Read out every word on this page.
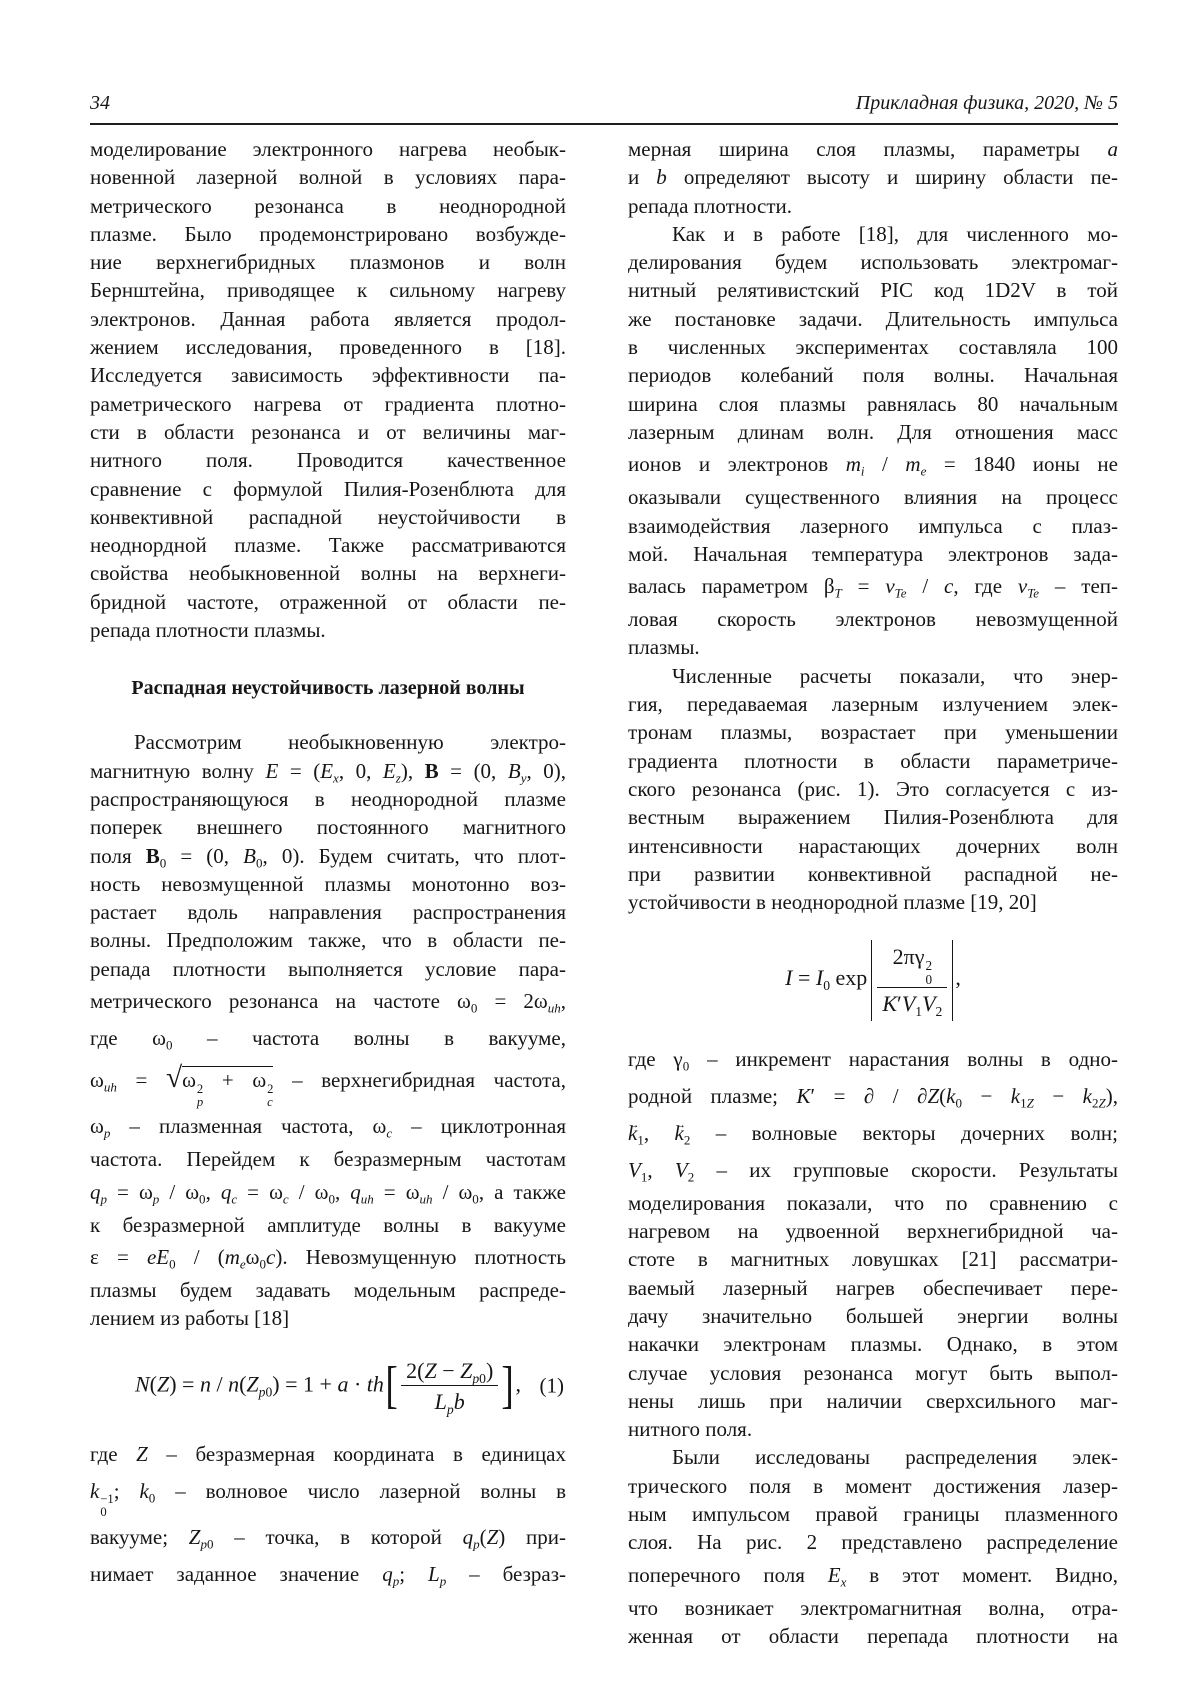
34	Прикладная физика, 2020, № 5
моделирование электронного нагрева необык-
новенной лазерной волной в условиях пара-
метрического резонанса в неоднородной
плазме. Было продемонстрировано возбужде-
ние верхнегибридных плазмонов и волн
Бернштейна, приводящее к сильному нагреву
электронов. Данная работа является продол-
жением исследования, проведенного в [18].
Исследуется зависимость эффективности па-
раметрического нагрева от градиента плотно-
сти в области резонанса и от величины маг-
нитного поля. Проводится качественное
сравнение с формулой Пилия-Розенблюта для
конвективной распадной неустойчивости в
неоднордной плазме. Также рассматриваются
свойства необыкновенной волны на верхнеги-
бридной частоте, отраженной от области пе-
репада плотности плазмы.
Распадная неустойчивость лазерной волны
Рассмотрим необыкновенную электро-
магнитную волну $E = (E_x$, 0, $E_z$), B = (0, $B_y$, 0),
распространяющуюся в неоднородной плазме
поперек внешнего постоянного магнитного
поля $B_0 = (0$, $B_0$, 0). Будем считать, что плот-
ность невозмущенной плазмы монотонно воз-
растает вдоль направления распространения
волны. Предположим также, что в области пе-
репада плотности выполняется условие пара-
метрического резонанса на частоте $\omega_0 = 2\omega_{uh}$,
где $\omega_0$ – частота волны в вакууме,
$\omega_{uh} = √\omega$ 2
p
+ ω 2
c
– верхнегибридная частота,
$\omega_p$ – плазменная частота, $\omega_c$ – циклотронная
частота. Перейдем к безразмерным частотам
$q_p = \omega_p / \omega_0$, $q_c = \omega_c / \omega_0$, $q_{uh} = \omega_{uh} / \omega_0$, а также
к безразмерной амплитуде волны в вакууме
$\varepsilon = eE_0 / (m_e\omega_0c)$. Невозмущенную плотность
плазмы будем задавать модельным распреде-
лением из работы [18]
$N(Z) = n / n(Z_{p0}) = 1 + a \cdot th[ \frac{2(Z - Z_{p0})}{L_pb}$ ], (1)
где Z – безразмерная координата в единицах
k −1
0
; $k_0$ – волновое число лазерной волны в
вакууме; $Z_{p0}$ – точка, в которой $q_p(Z)$ при-
нимает заданное значение $q_p$; $L_p$ – безраз-
мерная ширина слоя плазмы, параметры a
и b определяют высоту и ширину области пе-
репада плотности.
Как и в работе [18], для численного мо-
делирования будем использовать электромаг-
нитный релятивистский PIC код 1D2V в той
же постановке задачи. Длительность импульса
в численных экспериментах составляла 100
периодов колебаний поля волны. Начальная
ширина слоя плазмы равнялась 80 начальным
лазерным длинам волн. Для отношения масс
ионов и электронов $m_i / m_e = 1840$ ионы не
оказывали существенного влияния на процесс
взаимодействия лазерного импульса с плаз-
мой. Начальная температура электронов зада-
валась параметром $\beta_T = v_{Te} / c$, где $v_{Te} - теп-$
ловая скорость электронов невозмущенной
плазмы.
Численные расчеты показали, что энер-
гия, передаваемая лазерным излучением элек-
тронам плазмы, возрастает при уменьшении
градиента плотности в области параметриче-
ского резонанса (рис. 1). Это согласуется с из-
вестным выражением Пилия-Розенблюта для
интенсивности нарастающих дочерних волн
при развитии конвективной распадной не-
устойчивости в неоднородной плазме [19, 20]
$I = I_0$ exp 2πγ 2
0
$K'V_1V_2$ ,
где $\gamma_0$ – инкремент нарастания волны в одно-
родной плазме; K′ = ∂ / $\partial Z(k_0 - k_{1Z} - k_{2Z})$,
$k \to_1$, $k \to_2$ – волновые векторы дочерних волн;
$V_1$, $V_2$ – их групповые скорости. Результаты
моделирования показали, что по сравнению с
нагревом на удвоенной верхнегибридной ча-
стоте в магнитных ловушках [21] рассматри-
ваемый лазерный нагрев обеспечивает пере-
дачу значительно большей энергии волны
накачки электронам плазмы. Однако, в этом
случае условия резонанса могут быть выпол-
нены лишь при наличии сверхсильного маг-
нитного поля.
Были исследованы распределения элек-
трического поля в момент достижения лазер-
ным импульсом правой границы плазменного
слоя. На рис. 2 представлено распределение
поперечного поля $E_x$ в этот момент. Видно,
что возникает электромагнитная волна, отра-
женная от области перепада плотности на
